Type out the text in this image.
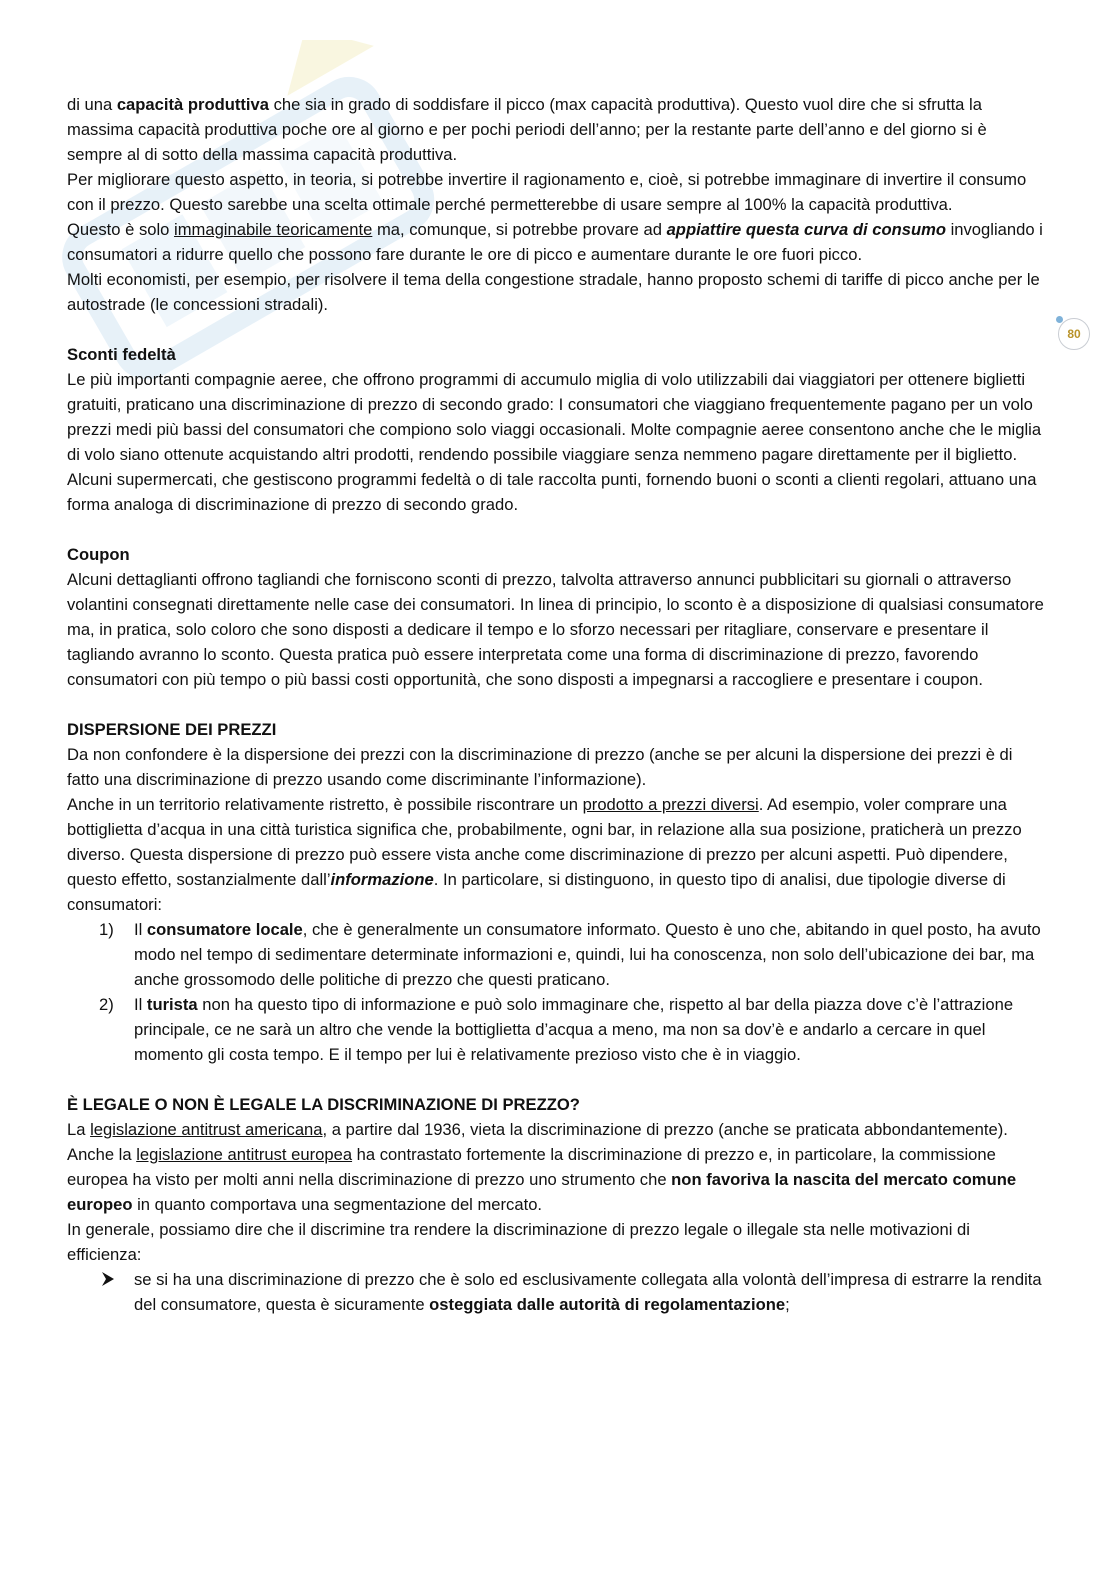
80

di una capacità produttiva che sia in grado di soddisfare il picco (max capacità produttiva). Questo vuol dire che si sfrutta la massima capacità produttiva poche ore al giorno e per pochi periodi dell’anno; per la restante parte dell’anno e del giorno si è sempre al di sotto della massima capacità produttiva.

Per migliorare questo aspetto, in teoria, si potrebbe invertire il ragionamento e, cioè, si potrebbe immaginare di invertire il consumo con il prezzo. Questo sarebbe una scelta ottimale perché permetterebbe di usare sempre al 100% la capacità produttiva.

Questo è solo immaginabile teoricamente ma, comunque, si potrebbe provare ad appiattire questa curva di consumo invogliando i consumatori a ridurre quello che possono fare durante le ore di picco e aumentare durante le ore fuori picco.

Molti economisti, per esempio, per risolvere il tema della congestione stradale, hanno proposto schemi di tariffe di picco anche per le autostrade (le concessioni stradali).

Sconti fedeltà

Le più importanti compagnie aeree, che offrono programmi di accumulo miglia di volo utilizzabili dai viaggiatori per ottenere biglietti gratuiti, praticano una discriminazione di prezzo di secondo grado: I consumatori che viaggiano frequentemente pagano per un volo prezzi medi più bassi del consumatori che compiono solo viaggi occasionali. Molte compagnie aeree consentono anche che le miglia di volo siano ottenute acquistando altri prodotti, rendendo possibile viaggiare senza nemmeno pagare direttamente per il biglietto. Alcuni supermercati, che gestiscono programmi fedeltà o di tale raccolta punti, fornendo buoni o sconti a clienti regolari, attuano una forma analoga di discriminazione di prezzo di secondo grado.

Coupon

Alcuni dettaglianti offrono tagliandi che forniscono sconti di prezzo, talvolta attraverso annunci pubblicitari su giornali o attraverso volantini consegnati direttamente nelle case dei consumatori. In linea di principio, lo sconto è a disposizione di qualsiasi consumatore ma, in pratica, solo coloro che sono disposti a dedicare il tempo e lo sforzo necessari per ritagliare, conservare e presentare il tagliando avranno lo sconto. Questa pratica può essere interpretata come una forma di discriminazione di prezzo, favorendo consumatori con più tempo o più bassi costi opportunità, che sono disposti a impegnarsi a raccogliere e presentare i coupon.

DISPERSIONE DEI PREZZI

Da non confondere è la dispersione dei prezzi con la discriminazione di prezzo (anche se per alcuni la dispersione dei prezzi è di fatto una discriminazione di prezzo usando come discriminante l’informazione).

Anche in un territorio relativamente ristretto, è possibile riscontrare un prodotto a prezzi diversi. Ad esempio, voler comprare una bottiglietta d’acqua in una città turistica significa che, probabilmente, ogni bar, in relazione alla sua posizione, praticherà un prezzo diverso. Questa dispersione di prezzo può essere vista anche come discriminazione di prezzo per alcuni aspetti. Può dipendere, questo effetto, sostanzialmente dall’informazione. In particolare, si distinguono, in questo tipo di analisi, due tipologie diverse di consumatori:

1) Il consumatore locale, che è generalmente un consumatore informato. Questo è uno che, abitando in quel posto, ha avuto modo nel tempo di sedimentare determinate informazioni e, quindi, lui ha conoscenza, non solo dell’ubicazione dei bar, ma anche grossomodo delle politiche di prezzo che questi praticano.
2) Il turista non ha questo tipo di informazione e può solo immaginare che, rispetto al bar della piazza dove c’è l’attrazione principale, ce ne sarà un altro che vende la bottiglietta d’acqua a meno, ma non sa dov’è e andarlo a cercare in quel momento gli costa tempo. E il tempo per lui è relativamente prezioso visto che è in viaggio.

È LEGALE O NON È LEGALE LA DISCRIMINAZIONE DI PREZZO?

La legislazione antitrust americana, a partire dal 1936, vieta la discriminazione di prezzo (anche se praticata abbondantemente). Anche la legislazione antitrust europea ha contrastato fortemente la discriminazione di prezzo e, in particolare, la commissione europea ha visto per molti anni nella discriminazione di prezzo uno strumento che non favoriva la nascita del mercato comune europeo in quanto comportava una segmentazione del mercato.

In generale, possiamo dire che il discrimine tra rendere la discriminazione di prezzo legale o illegale sta nelle motivazioni di efficienza:

se si ha una discriminazione di prezzo che è solo ed esclusivamente collegata alla volontà dell’impresa di estrarre la rendita del consumatore, questa è sicuramente osteggiata dalle autorità di regolamentazione;
